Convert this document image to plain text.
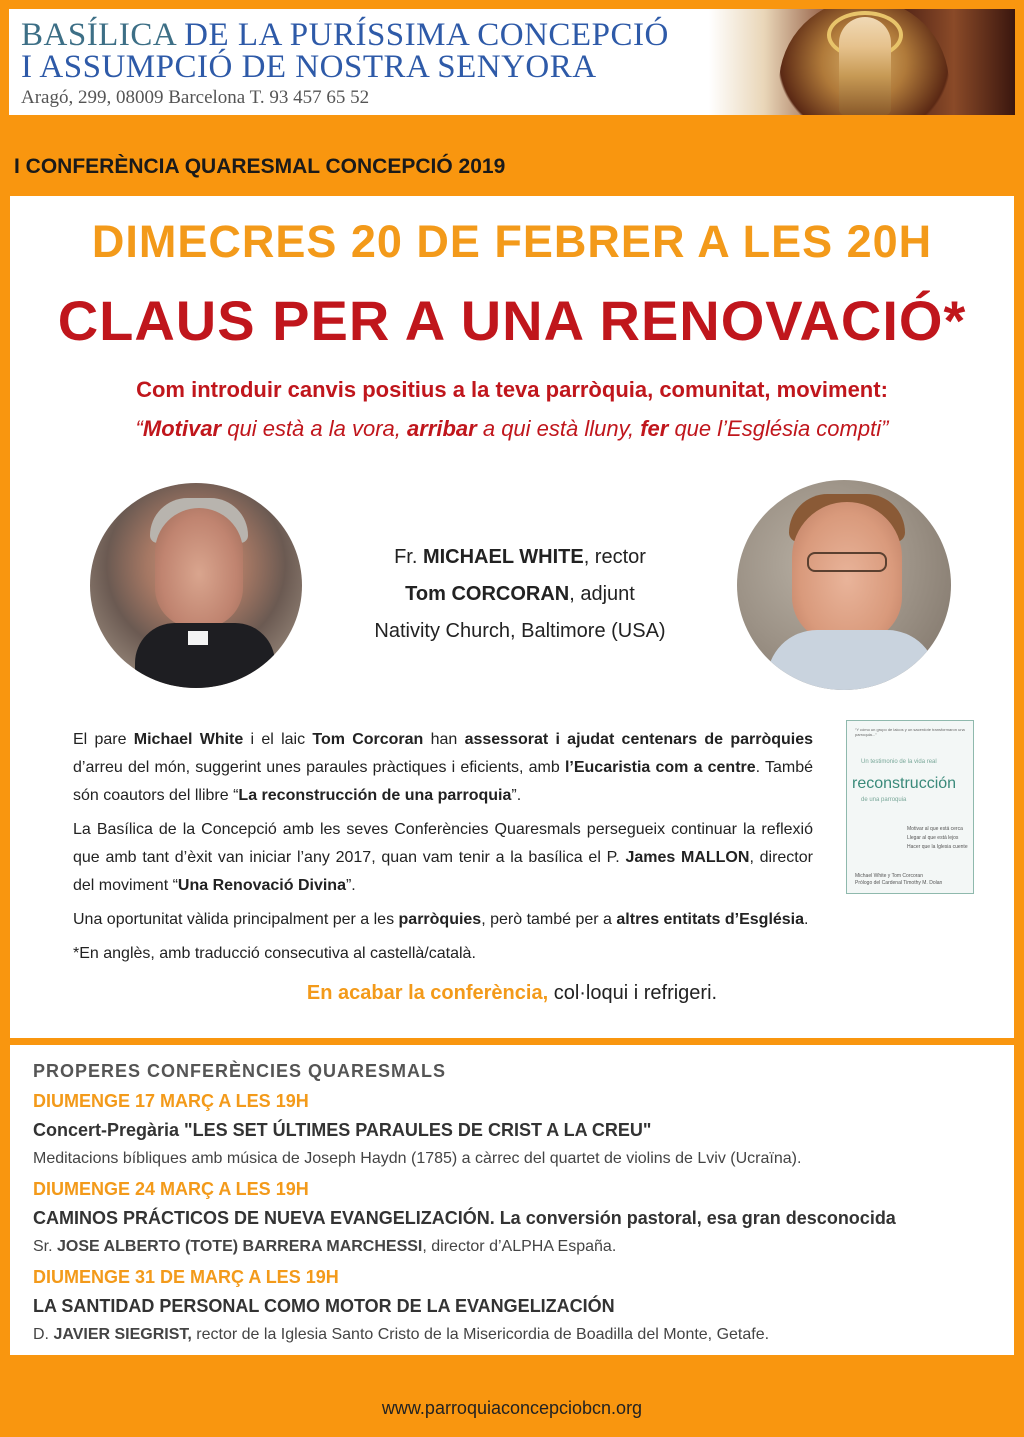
BASÍLICA DE LA PURÍSSIMA CONCEPCIÓ
I ASSUMPCIÓ DE NOSTRA SENYORA
Aragó, 299, 08009 Barcelona T. 93 457 65 52
I CONFERÈNCIA QUARESMAL CONCEPCIÓ 2019
DIMECRES 20 DE FEBRER A LES 20H
CLAUS PER A UNA RENOVACIÓ*
Com introduir canvis positius a la teva parròquia, comunitat, moviment:
“Motivar qui està a la vora, arribar a qui està lluny, fer que l’Església compti”
Fr. MICHAEL WHITE, rector
Tom CORCORAN, adjunt
Nativity Church, Baltimore (USA)

El pare Michael White i el laic Tom Corcoran han assessorat i ajudat centenars de parròquies d’arreu del món, suggerint unes paraules pràctiques i eficients, amb l’Eucaristia com a centre. També són coautors del llibre “La reconstrucción de una parroquia”.

La Basílica de la Concepció amb les seves Conferències Quaresmals persegueix continuar la reflexió que amb tant d’èxit van iniciar l’any 2017, quan vam tenir a la basílica el P. James MALLON, director del moviment “Una Renovació Divina”.

Una oportunitat vàlida principalment per a les parròquies, però també per a altres entitats d’Església.

*En anglès, amb traducció consecutiva al castellà/català.

“Y cómo un grupo de laicos y un sacerdote transformaron una parroquia...”
Un testimonio de la vida real
reconstrucción
de una parroquia
Motivar al que está cerca
Llegar al que está lejos
Hacer que la Iglesia cuente
Michael White y Tom Corcoran
Prólogo del Cardenal Timothy M. Dolan
En acabar la conferència, col·loqui i refrigeri.
PROPERES CONFERÈNCIES QUARESMALS
DIUMENGE 17 MARÇ A LES 19H
Concert-Pregària "LES SET ÚLTIMES PARAULES DE CRIST A LA CREU"
Meditacions bíbliques amb música de Joseph Haydn (1785) a càrrec del quartet de violins de Lviv (Ucraïna).
DIUMENGE 24 MARÇ A LES 19H
CAMINOS PRÁCTICOS DE NUEVA EVANGELIZACIÓN. La conversión pastoral, esa gran desconocida
Sr. JOSE ALBERTO (TOTE) BARRERA MARCHESSI, director d’ALPHA España.
DIUMENGE 31 DE MARÇ A LES 19H
LA SANTIDAD PERSONAL COMO MOTOR DE LA EVANGELIZACIÓN
D. JAVIER SIEGRIST, rector de la Iglesia Santo Cristo de la Misericordia de Boadilla del Monte, Getafe.
www.parroquiaconcepciobcn.org
